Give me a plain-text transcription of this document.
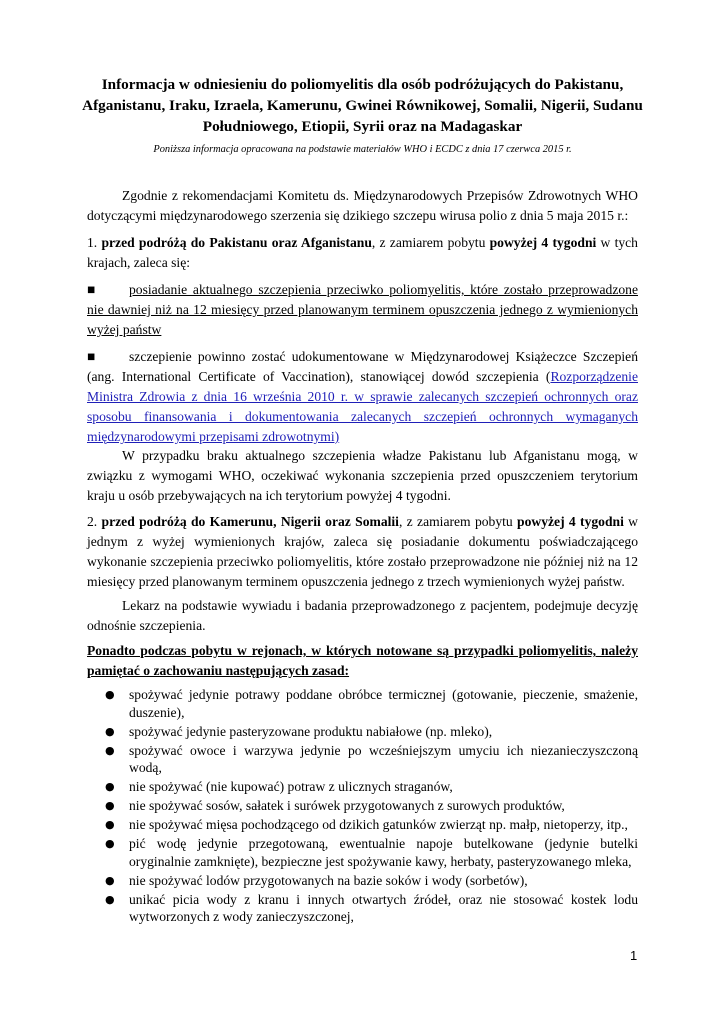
Informacja w odniesieniu do poliomyelitis dla osób podróżujących do Pakistanu, Afganistanu, Iraku, Izraela, Kamerunu, Gwinei Równikowej, Somalii, Nigerii, Sudanu Południowego, Etiopii, Syrii oraz na Madagaskar
Poniższa informacja opracowana na podstawie materiałów WHO i ECDC z dnia 17 czerwca 2015 r.
Zgodnie z rekomendacjami Komitetu ds. Międzynarodowych Przepisów Zdrowotnych WHO dotyczącymi międzynarodowego szerzenia się dzikiego szczepu wirusa polio z dnia 5 maja 2015 r.:
1. przed podróżą do Pakistanu oraz Afganistanu, z zamiarem pobytu powyżej 4 tygodni w tych krajach, zaleca się:
■ posiadanie aktualnego szczepienia przeciwko poliomyelitis, które zostało przeprowadzone nie dawniej niż na 12 miesięcy przed planowanym terminem opuszczenia jednego z wymienionych wyżej państw
■ szczepienie powinno zostać udokumentowane w Międzynarodowej Książeczce Szczepień (ang. International Certificate of Vaccination), stanowiącej dowód szczepienia (Rozporządzenie Ministra Zdrowia z dnia 16 września 2010 r. w sprawie zalecanych szczepień ochronnych oraz sposobu finansowania i dokumentowania zalecanych szczepień ochronnych wymaganych międzynarodowymi przepisami zdrowotnymi)
W przypadku braku aktualnego szczepienia władze Pakistanu lub Afganistanu mogą, w związku z wymogami WHO, oczekiwać wykonania szczepienia przed opuszczeniem terytorium kraju u osób przebywających na ich terytorium powyżej 4 tygodni.
2. przed podróżą do Kamerunu, Nigerii oraz Somalii, z zamiarem pobytu powyżej 4 tygodni w jednym z wyżej wymienionych krajów, zaleca się posiadanie dokumentu poświadczającego wykonanie szczepienia przeciwko poliomyelitis, które zostało przeprowadzone nie później niż na 12 miesięcy przed planowanym terminem opuszczenia jednego z trzech wymienionych wyżej państw.
Lekarz na podstawie wywiadu i badania przeprowadzonego z pacjentem, podejmuje decyzję odnośnie szczepienia.
Ponadto podczas pobytu w rejonach, w których notowane są przypadki poliomyelitis, należy pamiętać o zachowaniu następujących zasad:
● spożywać jedynie potrawy poddane obróbce termicznej (gotowanie, pieczenie, smażenie, duszenie),
● spożywać jedynie pasteryzowane produktu nabiałowe (np. mleko),
● spożywać owoce i warzywa jedynie po wcześniejszym umyciu ich niezanieczyszczoną wodą,
● nie spożywać (nie kupować) potraw z ulicznych straganów,
● nie spożywać sosów, sałatek i surówek przygotowanych z surowych produktów,
● nie spożywać mięsa pochodzącego od dzikich gatunków zwierząt np. małp, nietoperzy, itp.,
● pić wodę jedynie przegotowaną, ewentualnie napoje butelkowane (jedynie butelki oryginalnie zamknięte), bezpieczne jest spożywanie kawy, herbaty, pasteryzowanego mleka,
● nie spożywać lodów przygotowanych na bazie soków i wody (sorbetów),
● unikać picia wody z kranu i innych otwartych źródeł, oraz nie stosować kostek lodu wytworzonych z wody zanieczyszczonej,
1
